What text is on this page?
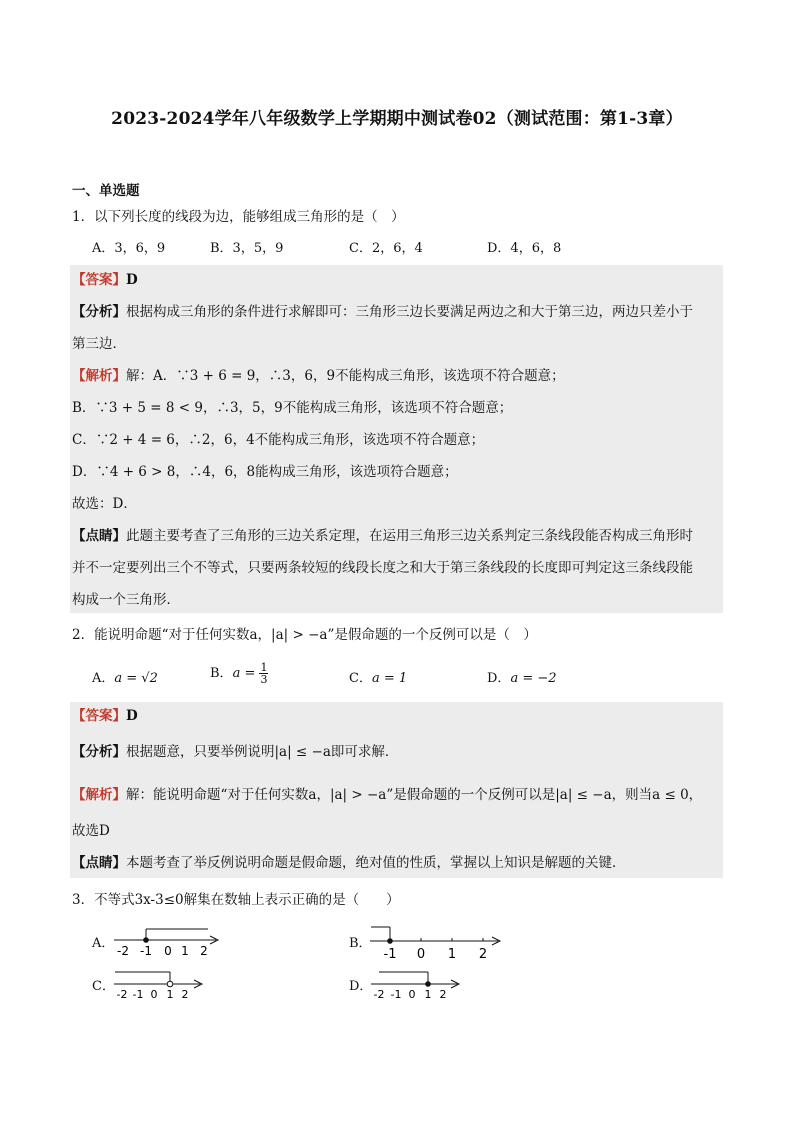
2023-2024学年八年级数学上学期期中测试卷02（测试范围：第1-3章）
一、单选题
1．以下列长度的线段为边，能够组成三角形的是（　）
A．3，6，9	B．3，5，9	C．2，6，4	D．4，6，8
【答案】D
【分析】根据构成三角形的条件进行求解即可：三角形三边长要满足两边之和大于第三边，两边只差小于
第三边．
【解析】解：A．∵3 + 6 = 9，∴3，6，9不能构成三角形，该选项不符合题意；
B．∵3 + 5 = 8 < 9，∴3，5，9不能构成三角形，该选项不符合题意；
C．∵2 + 4 = 6，∴2，6，4不能构成三角形，该选项不符合题意；
D．∵4 + 6 > 8，∴4，6，8能构成三角形，该选项符合题意；
故选：D．
【点睛】此题主要考查了三角形的三边关系定理，在运用三角形三边关系判定三条线段能否构成三角形时
并不一定要列出三个不等式，只要两条较短的线段长度之和大于第三条线段的长度即可判定这三条线段能
构成一个三角形．
2．能说明命题“对于任何实数a，|a| > −a”是假命题的一个反例可以是（　）
A．a = √2	B．$a = \frac{1}{3}$	C．a = 1	D．a = −2
【答案】D
【分析】根据题意，只要举例说明|a| ≤ −a即可求解．
【解析】解：能说明命题“对于任何实数a，|a| > −a”是假命题的一个反例可以是|a| ≤ −a，则当a ≤ 0，
故选D
【点睛】本题考查了举反例说明命题是假命题，绝对值的性质，掌握以上知识是解题的关键．
3．不等式3x-3≤0解集在数轴上表示正确的是（　　）
A． -2 -1 0 1 2	B．
-1 0 1 2
C．
-2 -1 0 1 2
D．
-2 -1 0 1 2
